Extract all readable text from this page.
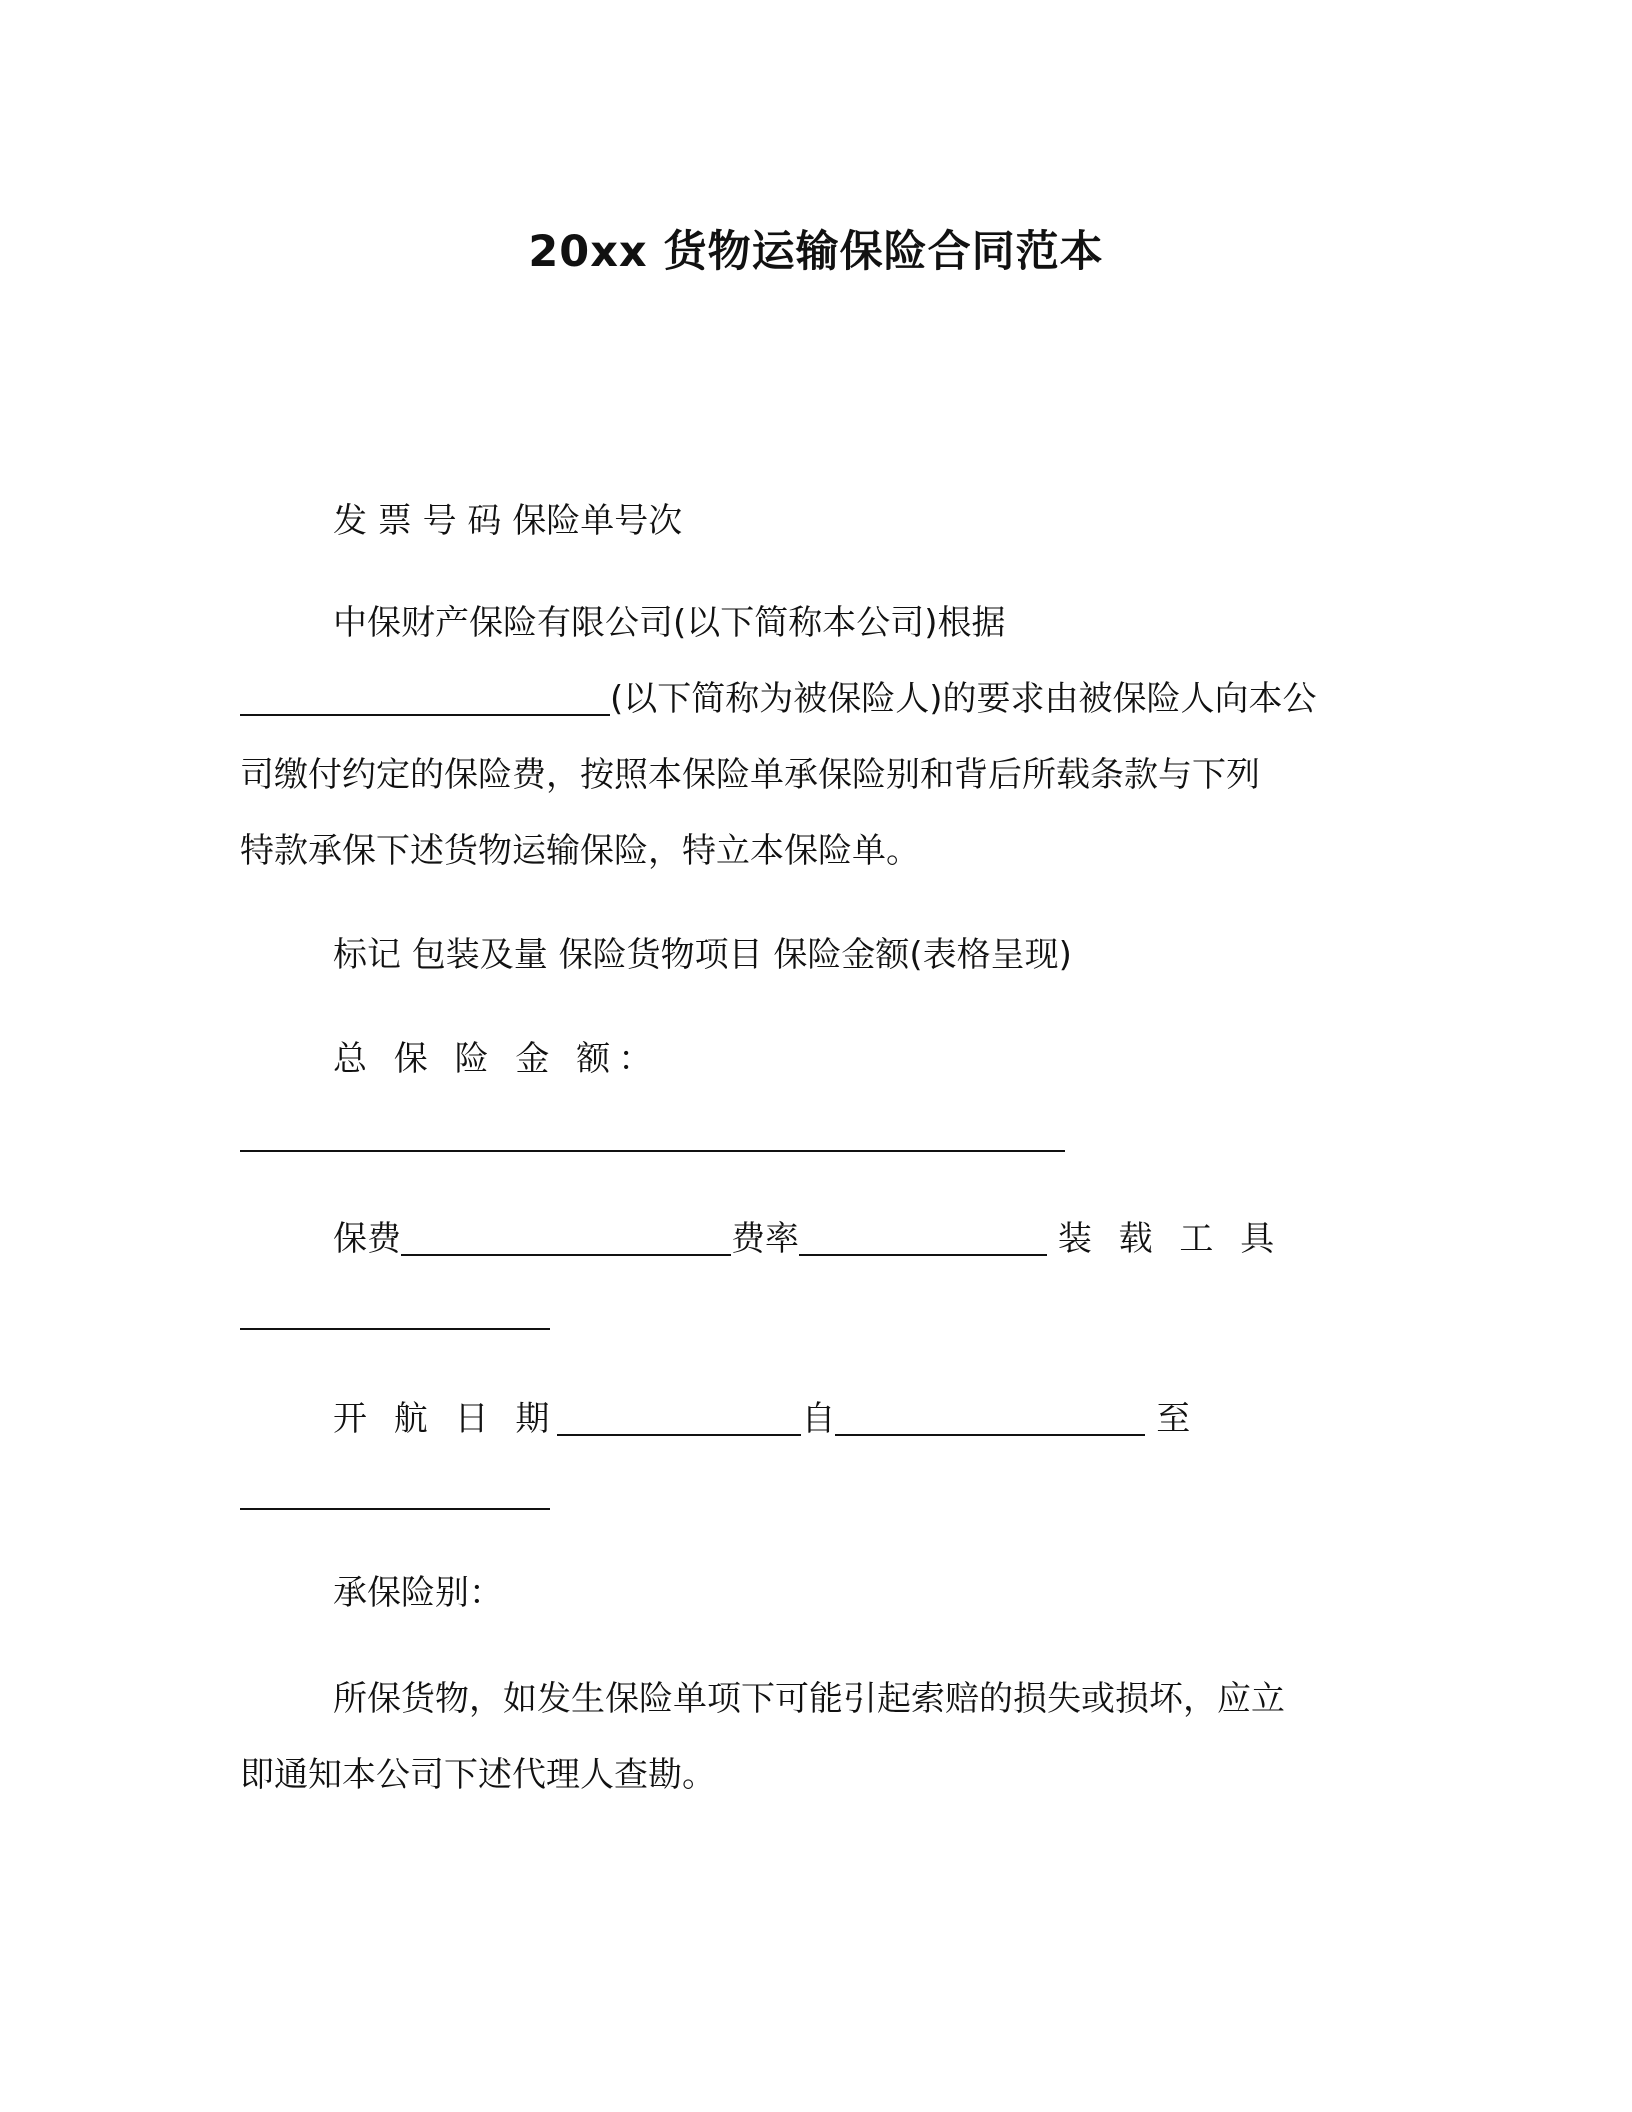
20xx 货物运输保险合同范本

发 票 号 码 保险单号次

中保财产保险有限公司(以下简称本公司)根据

(以下简称为被保险人)的要求由被保险人向本公

司缴付约定的保险费，按照本保险单承保险别和背后所载条款与下列

特款承保下述货物运输保险，特立本保险单。

标记 包装及量 保险货物项目 保险金额(表格呈现)

总 保 险 金 额：

保费	费率	装 载 工 具

开 航 日 期	自	至

承保险别：

所保货物，如发生保险单项下可能引起索赔的损失或损坏，应立

即通知本公司下述代理人查勘。
